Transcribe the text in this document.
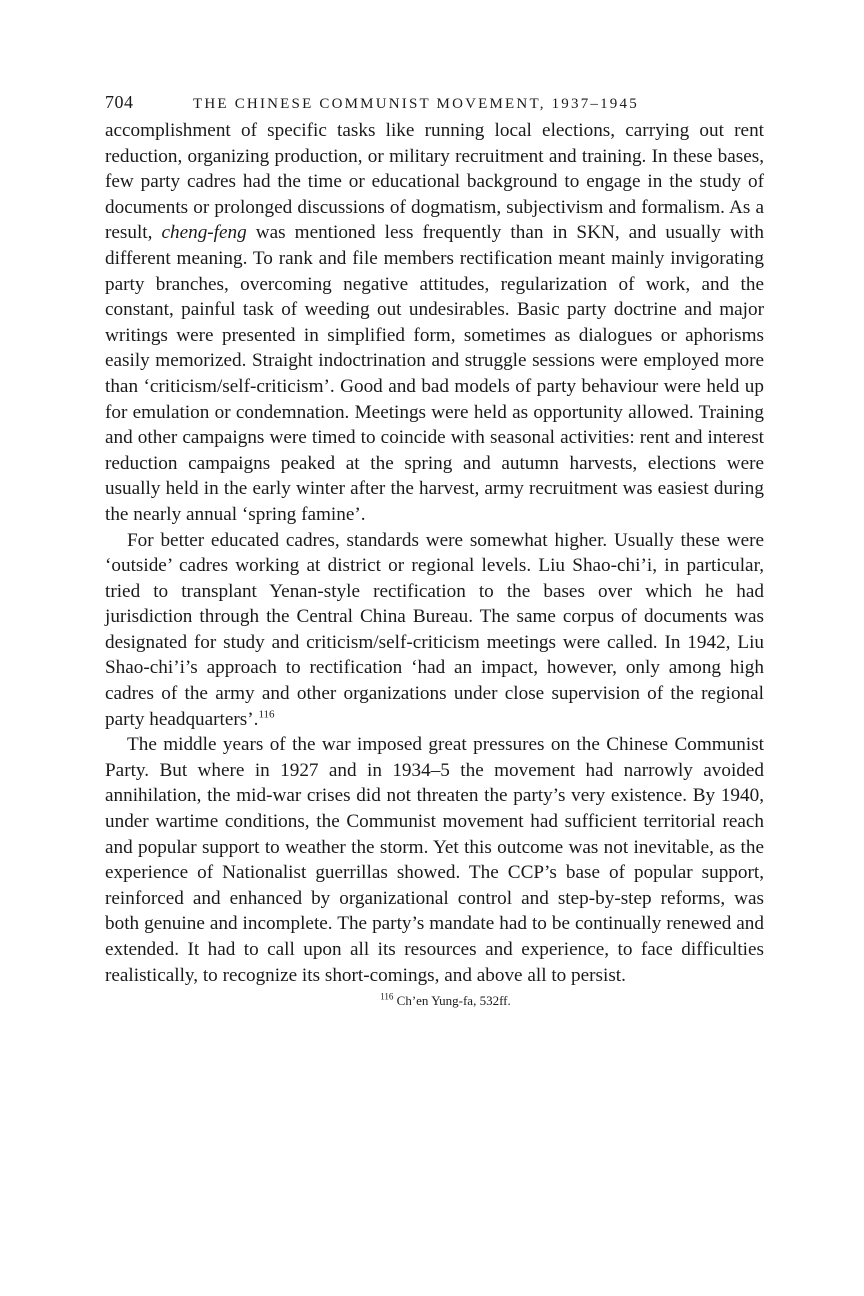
704	THE CHINESE COMMUNIST MOVEMENT, 1937–1945

accomplishment of specific tasks like running local elections, carrying out rent reduction, organizing production, or military recruitment and training. In these bases, few party cadres had the time or educational background to engage in the study of documents or prolonged discussions of dogmatism, subjectivism and formalism. As a result, cheng-feng was mentioned less frequently than in SKN, and usually with different meaning. To rank and file members rectification meant mainly invigorating party branches, overcoming negative attitudes, regularization of work, and the constant, painful task of weeding out undesirables. Basic party doctrine and major writings were presented in simplified form, sometimes as dialogues or aphorisms easily memorized. Straight indoctrination and struggle sessions were employed more than ‘criticism/self-criticism’. Good and bad models of party behaviour were held up for emulation or condemnation. Meetings were held as opportunity allowed. Training and other campaigns were timed to coincide with seasonal activities: rent and interest reduction campaigns peaked at the spring and autumn harvests, elections were usually held in the early winter after the harvest, army recruitment was easiest during the nearly annual ‘spring famine’.

For better educated cadres, standards were somewhat higher. Usually these were ‘outside’ cadres working at district or regional levels. Liu Shao-chi’i, in particular, tried to transplant Yenan-style rectification to the bases over which he had jurisdiction through the Central China Bureau. The same corpus of documents was designated for study and criticism/self-criticism meetings were called. In 1942, Liu Shao-chi’i’s approach to rectification ‘had an impact, however, only among high cadres of the army and other organizations under close supervision of the regional party headquarters’.$^{116}$

The middle years of the war imposed great pressures on the Chinese Communist Party. But where in 1927 and in 1934–5 the movement had narrowly avoided annihilation, the mid-war crises did not threaten the party’s very existence. By 1940, under wartime conditions, the Communist movement had sufficient territorial reach and popular support to weather the storm. Yet this outcome was not inevitable, as the experience of Nationalist guerrillas showed. The CCP’s base of popular support, reinforced and enhanced by organizational control and step-by-step reforms, was both genuine and incomplete. The party’s mandate had to be continually renewed and extended. It had to call upon all its resources and experience, to face difficulties realistically, to recognize its short-comings, and above all to persist.

$^{116}$ Ch’en Yung-fa, 532ff.
